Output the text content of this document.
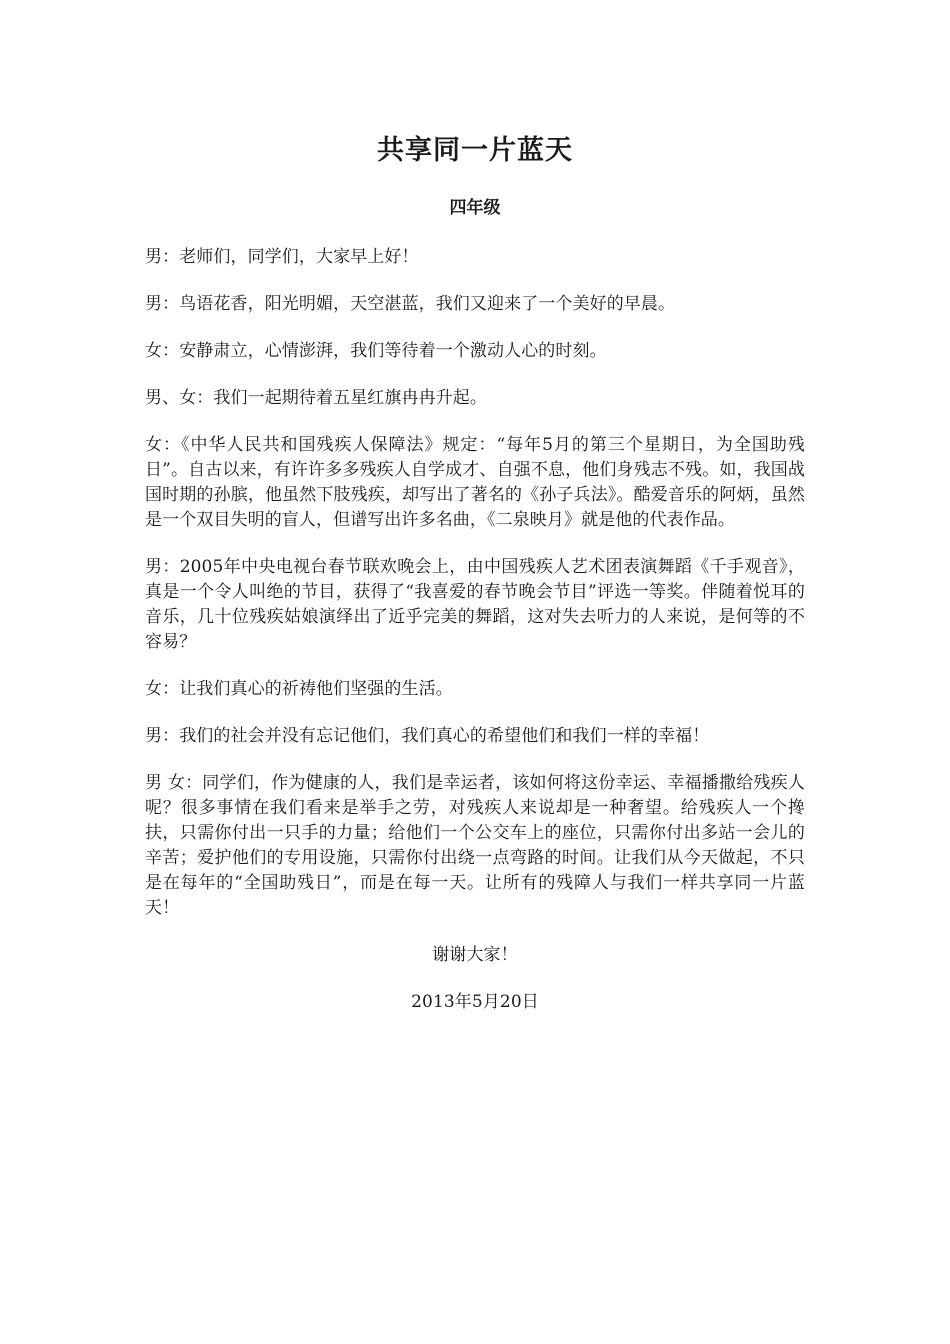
共享同一片蓝天
四年级

男：老师们，同学们，大家早上好！

男：鸟语花香，阳光明媚，天空湛蓝，我们又迎来了一个美好的早晨。

女：安静肃立，心情澎湃，我们等待着一个激动人心的时刻。

男、女：我们一起期待着五星红旗冉冉升起。

女：《中华人民共和国残疾人保障法》规定：“每年5月的第三个星期日，为全国助残日”。自古以来，有许许多多残疾人自学成才、自强不息，他们身残志不残。如，我国战国时期的孙膑，他虽然下肢残疾，却写出了著名的《孙子兵法》。酷爱音乐的阿炳，虽然是一个双目失明的盲人，但谱写出许多名曲，《二泉映月》就是他的代表作品。

男：2005年中央电视台春节联欢晚会上，由中国残疾人艺术团表演舞蹈《千手观音》，真是一个令人叫绝的节目，获得了“我喜爱的春节晚会节目”评选一等奖。伴随着悦耳的音乐，几十位残疾姑娘演绎出了近乎完美的舞蹈，这对失去听力的人来说，是何等的不容易？

女：让我们真心的祈祷他们坚强的生活。

男：我们的社会并没有忘记他们，我们真心的希望他们和我们一样的幸福！

男 女：同学们，作为健康的人，我们是幸运者，该如何将这份幸运、幸福播撒给残疾人呢？很多事情在我们看来是举手之劳，对残疾人来说却是一种奢望。给残疾人一个搀扶，只需你付出一只手的力量；给他们一个公交车上的座位，只需你付出多站一会儿的辛苦；爱护他们的专用设施，只需你付出绕一点弯路的时间。让我们从今天做起，不只是在每年的“全国助残日”，而是在每一天。让所有的残障人与我们一样共享同一片蓝天！

谢谢大家！

2013年5月20日
